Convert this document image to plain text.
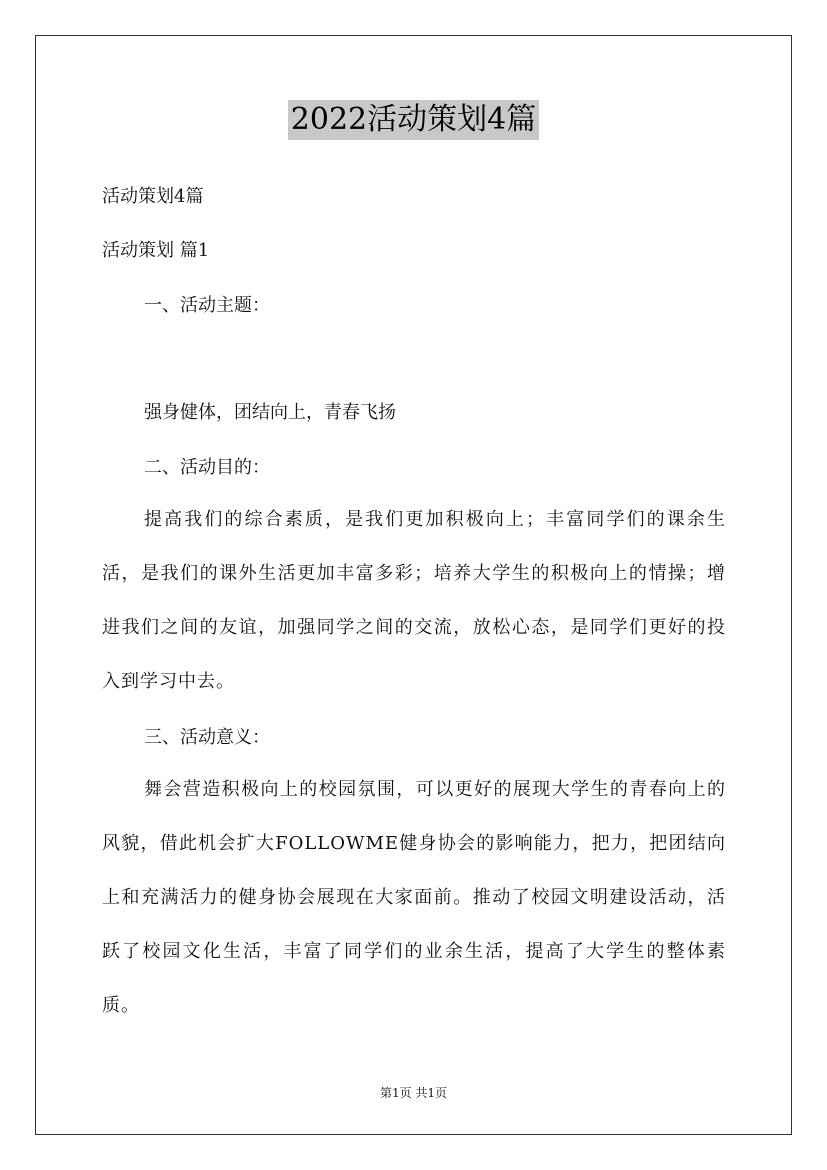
2022活动策划4篇
活动策划4篇
活动策划 篇1
一、活动主题：
强身健体，团结向上，青春飞扬
二、活动目的：
提高我们的综合素质，是我们更加积极向上；丰富同学们的课余生活，是我们的课外生活更加丰富多彩；培养大学生的积极向上的情操；增进我们之间的友谊，加强同学之间的交流，放松心态，是同学们更好的投入到学习中去。
三、活动意义：
舞会营造积极向上的校园氛围，可以更好的展现大学生的青春向上的风貌，借此机会扩大FOLLOWME健身协会的影响能力，把力，把团结向上和充满活力的健身协会展现在大家面前。推动了校园文明建设活动，活跃了校园文化生活，丰富了同学们的业余生活，提高了大学生的整体素质。
第1页 共1页
